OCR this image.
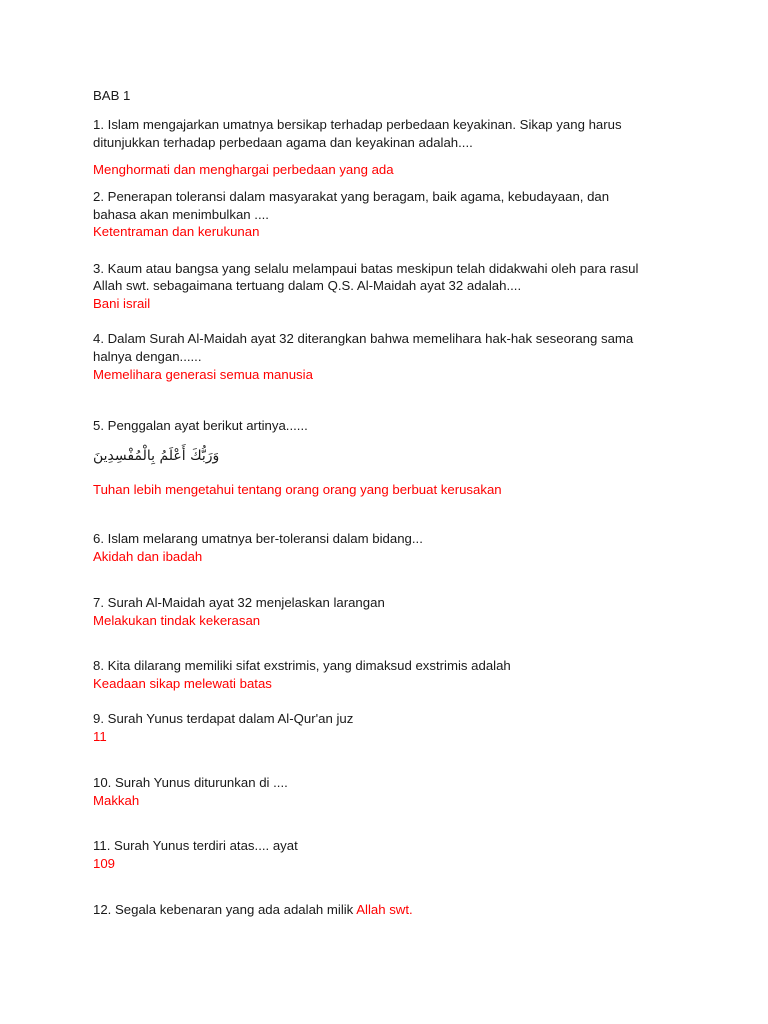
BAB 1
1. Islam mengajarkan umatnya bersikap terhadap perbedaan keyakinan. Sikap yang harus
ditunjukkan terhadap perbedaan agama dan keyakinan adalah....
Menghormati dan menghargai perbedaan yang ada
2. Penerapan toleransi dalam masyarakat yang beragam, baik agama, kebudayaan, dan
bahasa akan menimbulkan ....
Ketentraman dan kerukunan
3. Kaum atau bangsa yang selalu melampaui batas meskipun telah didakwahi oleh para rasul
Allah swt. sebagaimana tertuang dalam Q.S. Al-Maidah ayat 32 adalah....
Bani israil
4. Dalam Surah Al-Maidah ayat 32 diterangkan bahwa memelihara hak-hak seseorang sama
halnya dengan......
Memelihara generasi semua manusia
5. Penggalan ayat berikut artinya......
وَرَبُّكَ أَعْلَمُ بِالْمُفْسِدِينَ
Tuhan lebih mengetahui tentang orang orang yang berbuat kerusakan
6. Islam melarang umatnya ber-toleransi dalam bidang...
Akidah dan ibadah
7. Surah Al-Maidah ayat 32 menjelaskan larangan
Melakukan tindak kekerasan
8. Kita dilarang memiliki sifat exstrimis, yang dimaksud exstrimis adalah
Keadaan sikap melewati batas
9. Surah Yunus terdapat dalam Al-Qur'an juz
11
10. Surah Yunus diturunkan di ....
Makkah
11. Surah Yunus terdiri atas.... ayat
109
12. Segala kebenaran yang ada adalah milik Allah swt.
